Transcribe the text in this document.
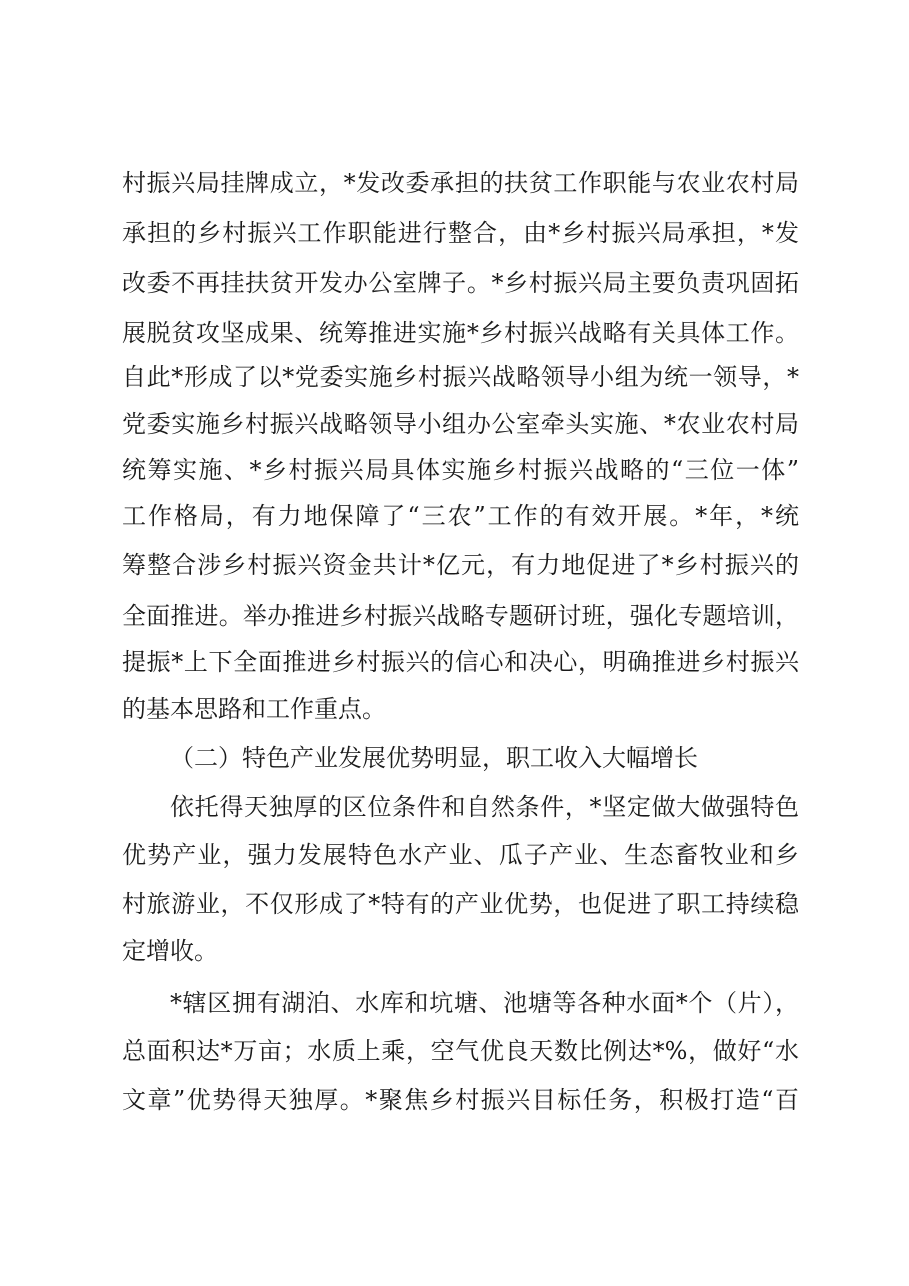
村振兴局挂牌成立，*发改委承担的扶贫工作职能与农业农村局
承担的乡村振兴工作职能进行整合，由*乡村振兴局承担，*发
改委不再挂扶贫开发办公室牌子。*乡村振兴局主要负责巩固拓
展脱贫攻坚成果、统筹推进实施*乡村振兴战略有关具体工作。
自此*形成了以*党委实施乡村振兴战略领导小组为统一领导，*
党委实施乡村振兴战略领导小组办公室牵头实施、*农业农村局
统筹实施、*乡村振兴局具体实施乡村振兴战略的“三位一体”
工作格局，有力地保障了“三农”工作的有效开展。*年，*统
筹整合涉乡村振兴资金共计*亿元，有力地促进了*乡村振兴的
全面推进。举办推进乡村振兴战略专题研讨班，强化专题培训，
提振*上下全面推进乡村振兴的信心和决心，明确推进乡村振兴
的基本思路和工作重点。
（二）特色产业发展优势明显，职工收入大幅增长
依托得天独厚的区位条件和自然条件，*坚定做大做强特色
优势产业，强力发展特色水产业、瓜子产业、生态畜牧业和乡
村旅游业，不仅形成了*特有的产业优势，也促进了职工持续稳
定增收。
*辖区拥有湖泊、水库和坑塘、池塘等各种水面*个（片），
总面积达*万亩；水质上乘，空气优良天数比例达*%，做好“水
文章”优势得天独厚。*聚焦乡村振兴目标任务，积极打造“百
